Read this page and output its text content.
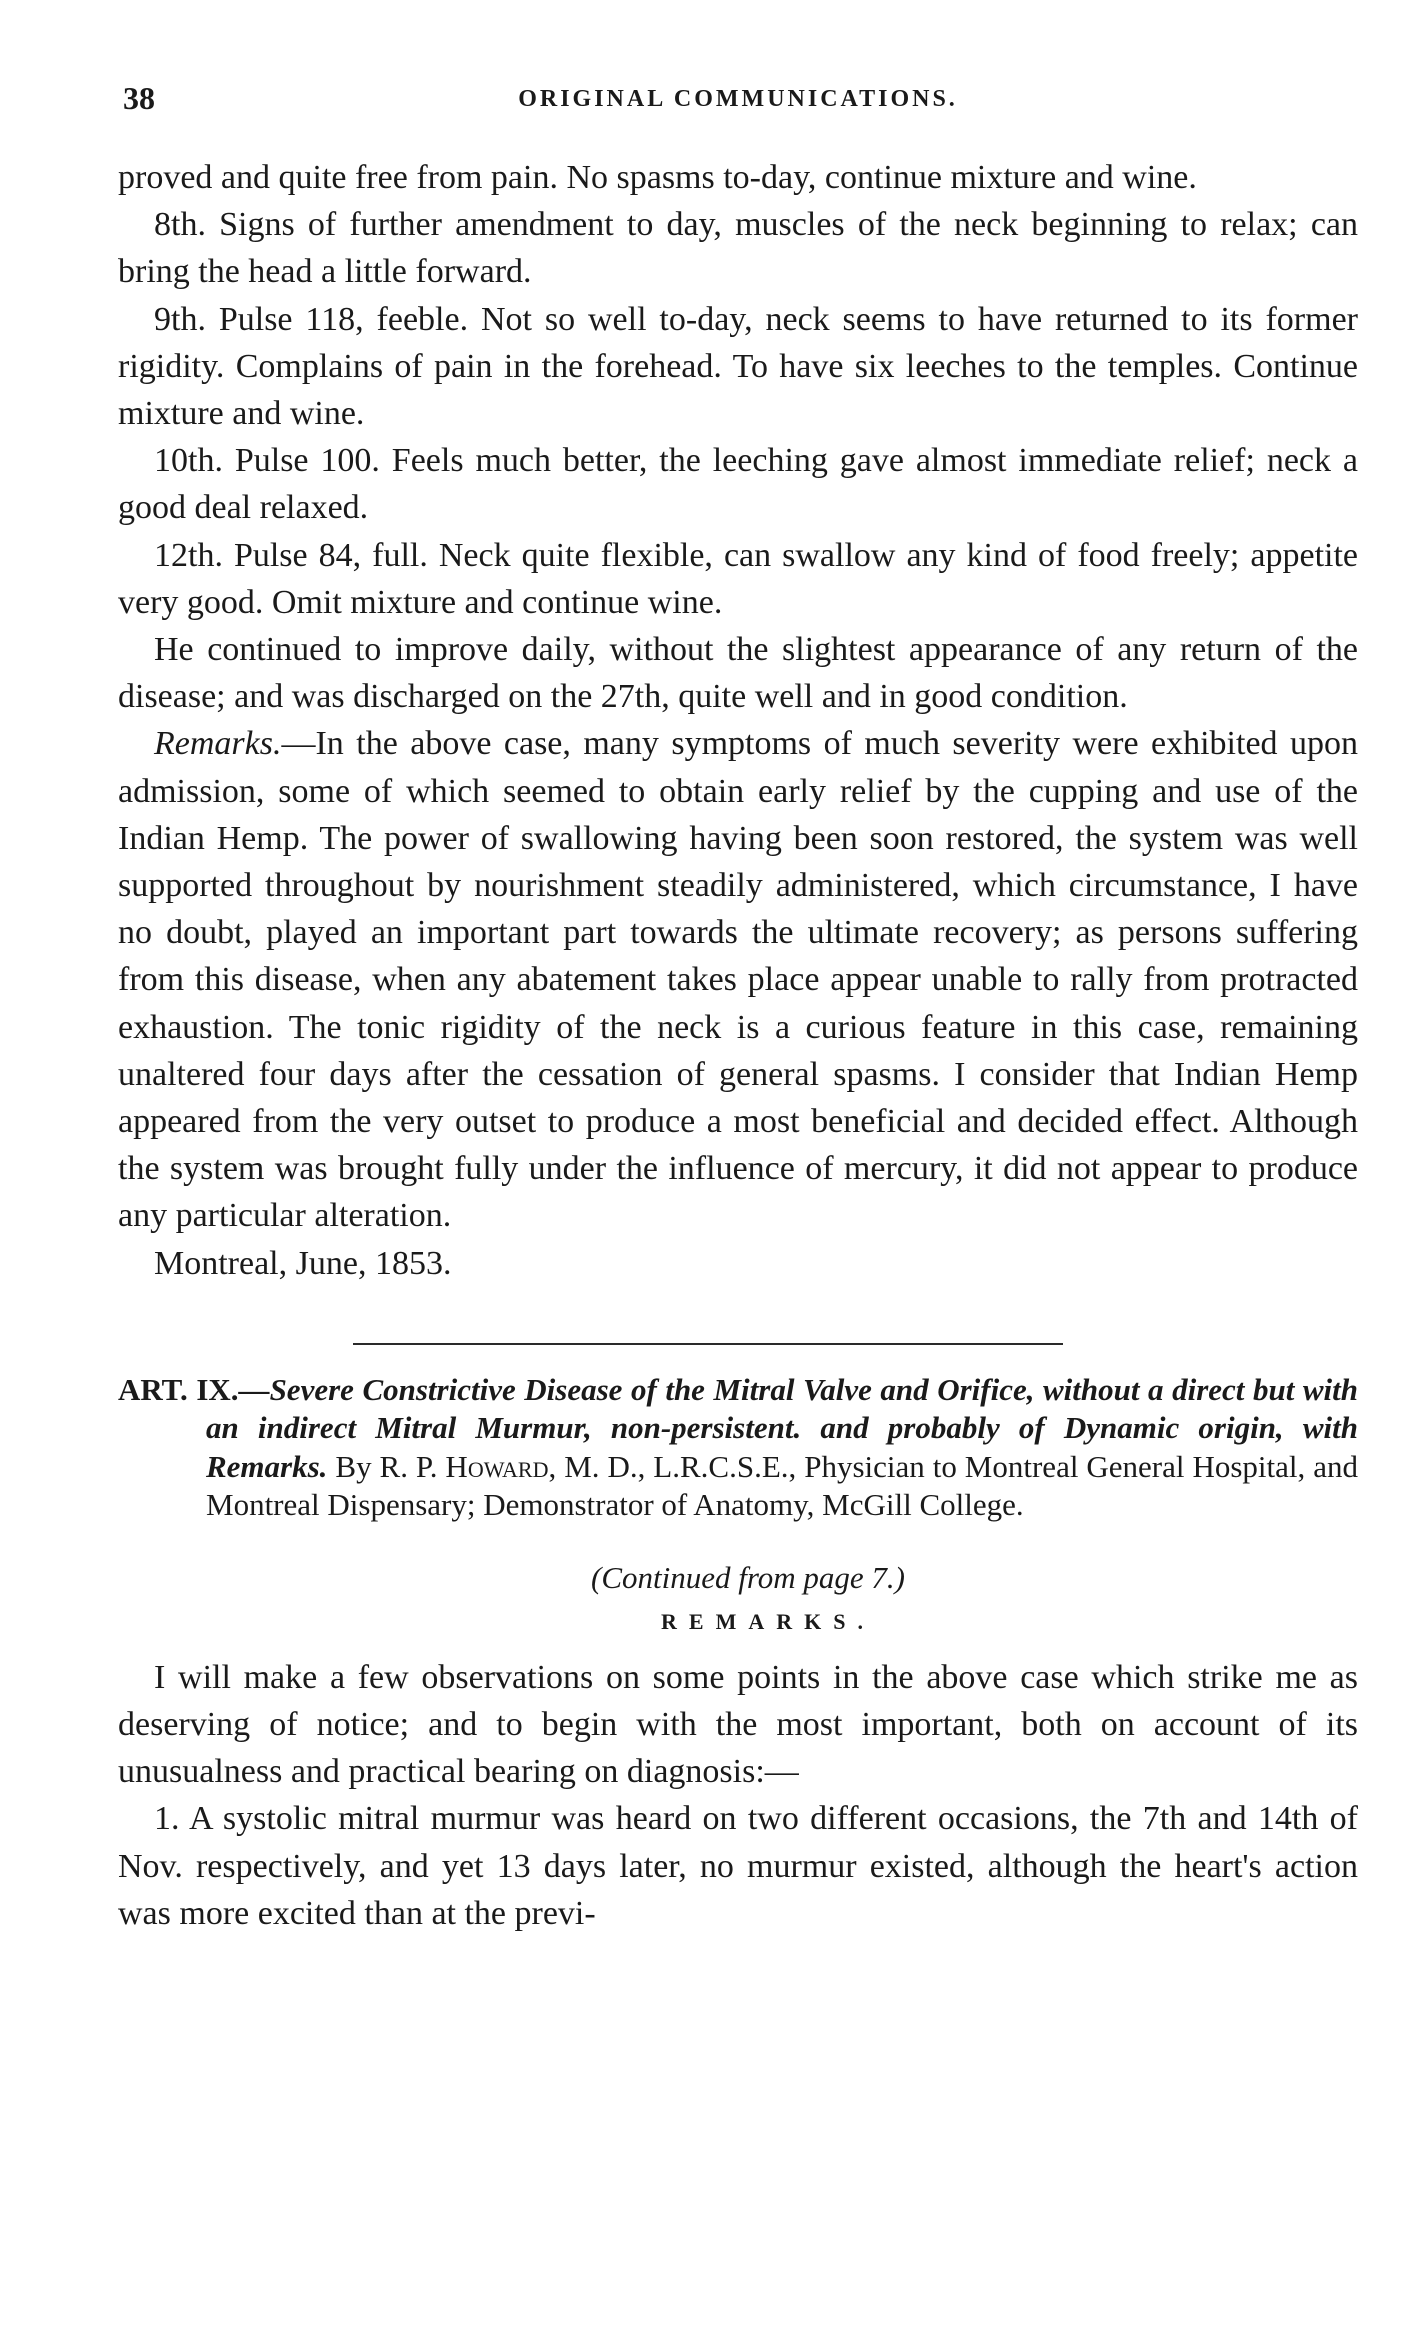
38	ORIGINAL COMMUNICATIONS.

proved and quite free from pain. No spasms to-day, continue mixture and wine.

8th. Signs of further amendment to day, muscles of the neck beginning to relax; can bring the head a little forward.

9th. Pulse 118, feeble. Not so well to-day, neck seems to have returned to its former rigidity. Complains of pain in the forehead. To have six leeches to the temples. Continue mixture and wine.

10th. Pulse 100. Feels much better, the leeching gave almost immediate relief; neck a good deal relaxed.

12th. Pulse 84, full. Neck quite flexible, can swallow any kind of food freely; appetite very good. Omit mixture and continue wine.

He continued to improve daily, without the slightest appearance of any return of the disease; and was discharged on the 27th, quite well and in good condition.

Remarks.—In the above case, many symptoms of much severity were exhibited upon admission, some of which seemed to obtain early relief by the cupping and use of the Indian Hemp. The power of swallowing having been soon restored, the system was well supported throughout by nourishment steadily administered, which circumstance, I have no doubt, played an important part towards the ultimate recovery; as persons suffering from this disease, when any abatement takes place appear unable to rally from protracted exhaustion. The tonic rigidity of the neck is a curious feature in this case, remaining unaltered four days after the cessation of general spasms. I consider that Indian Hemp appeared from the very outset to produce a most beneficial and decided effect. Although the system was brought fully under the influence of mercury, it did not appear to produce any particular alteration.

Montreal, June, 1853.

ART. IX.—Severe Constrictive Disease of the Mitral Valve and Orifice, without a direct but with an indirect Mitral Murmur, non-persistent. and probably of Dynamic origin, with Remarks. By R. P. Howard, M. D., L.R.C.S.E., Physician to Montreal General Hospital, and Montreal Dispensary; Demonstrator of Anatomy, McGill College.

(Continued from page 7.)
REMARKS.

I will make a few observations on some points in the above case which strike me as deserving of notice; and to begin with the most important, both on account of its unusualness and practical bearing on diagnosis:—

1. A systolic mitral murmur was heard on two different occasions, the 7th and 14th of Nov. respectively, and yet 13 days later, no murmur existed, although the heart's action was more excited than at the previ-
